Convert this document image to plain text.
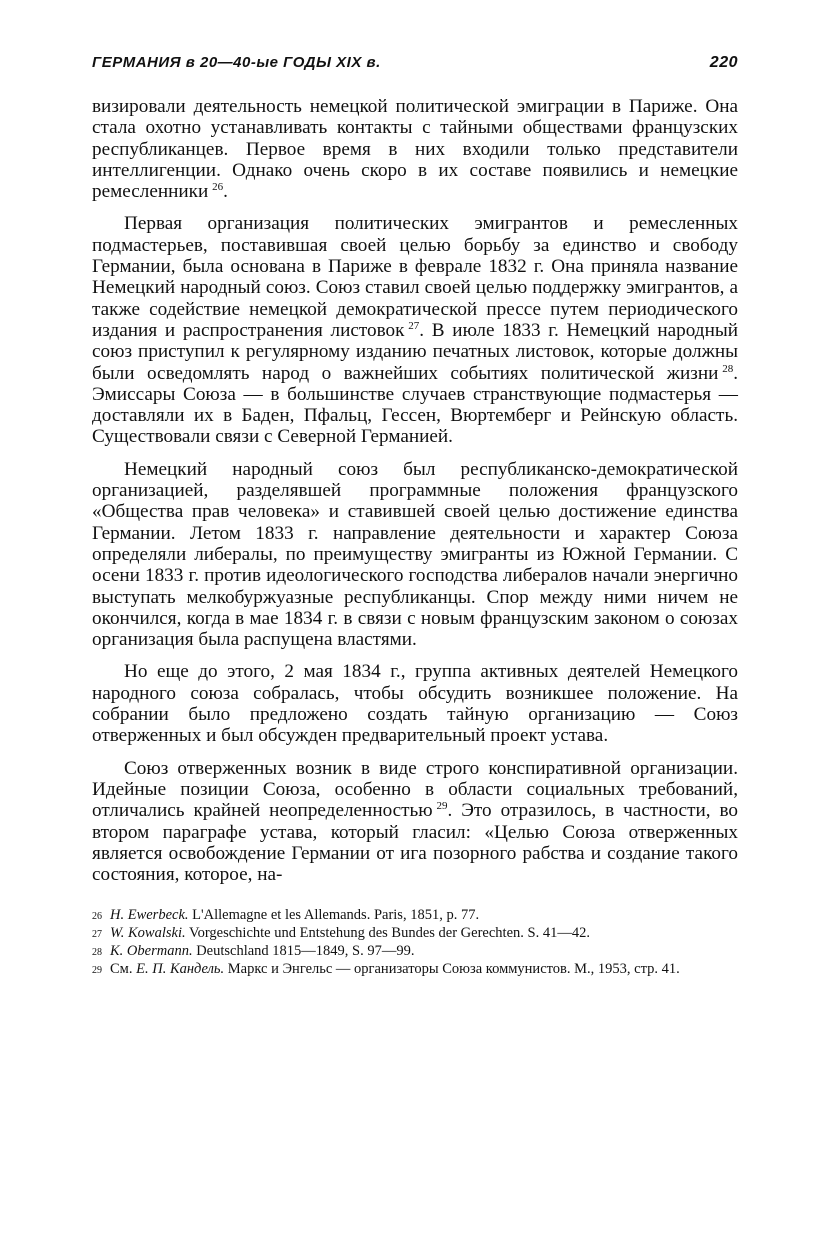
ГЕРМАНИЯ в 20—40-ые ГОДЫ XIX в.	220

визировали деятельность немецкой политической эмиграции в Париже. Она стала охотно устанавливать контакты с тайными обществами французских республиканцев. Первое время в них входили только представители интеллигенции. Однако очень скоро в их составе появились и немецкие ремесленники  $^{26}$.

Первая организация политических эмигрантов и ремесленных подмастерьев, поставившая своей целью борьбу за единство и свободу Германии, была основана в Париже в феврале 1832 г. Она приняла название Немецкий народный союз. Союз ставил своей целью поддержку эмигрантов, а также содействие немецкой демократической прессе путем периодического издания и распространения листовок  $^{27}$. В июле 1833 г. Немецкий народный союз приступил к регулярному изданию печатных листовок, которые должны были осведомлять народ о важнейших событиях политической жизни  $^{28}$. Эмиссары Союза — в большинстве случаев странствующие подмастерья — доставляли их в Баден, Пфальц, Гессен, Вюртемберг и Рейнскую область. Существовали связи с Северной Германией.

Немецкий народный союз был республиканско-демократической организацией, разделявшей программные положения французского «Общества прав человека» и ставившей своей целью достижение единства Германии. Летом 1833 г. направление деятельности и характер Союза определяли либералы, по преимуществу эмигранты из Южной Германии. С осени 1833 г. против идеологического господства либералов начали энергично выступать мелкобуржуазные республиканцы. Спор между ними ничем не окончился, когда в мае 1834 г. в связи с новым французским законом о союзах организация была распущена властями.

Но еще до этого, 2 мая 1834 г., группа активных деятелей Немецкого народного союза собралась, чтобы обсудить возникшее положение. На собрании было предложено создать тайную организацию — Союз отверженных и был обсужден предварительный проект устава.

Союз отверженных возник в виде строго конспиративной организации. Идейные позиции Союза, особенно в области социальных требований, отличались крайней неопределенностью  $^{29}$. Это отразилось, в частности, во втором параграфе устава, который гласил: «Целью Союза отверженных является освобождение Германии от ига позорного рабства и создание такого состояния, которое, на-

26 H. Ewerbeck. L'Allemagne et les Allemands. Paris, 1851, p. 77.
27 W. Kowalski. Vorgeschichte und Entstehung des Bundes der Gerechten. S. 41—42.
28 K. Obermann. Deutschland 1815—1849, S. 97—99.
29 См. Е. П. Кандель. Маркс и Энгельс — организаторы Союза коммунистов. М., 1953, стр. 41.
